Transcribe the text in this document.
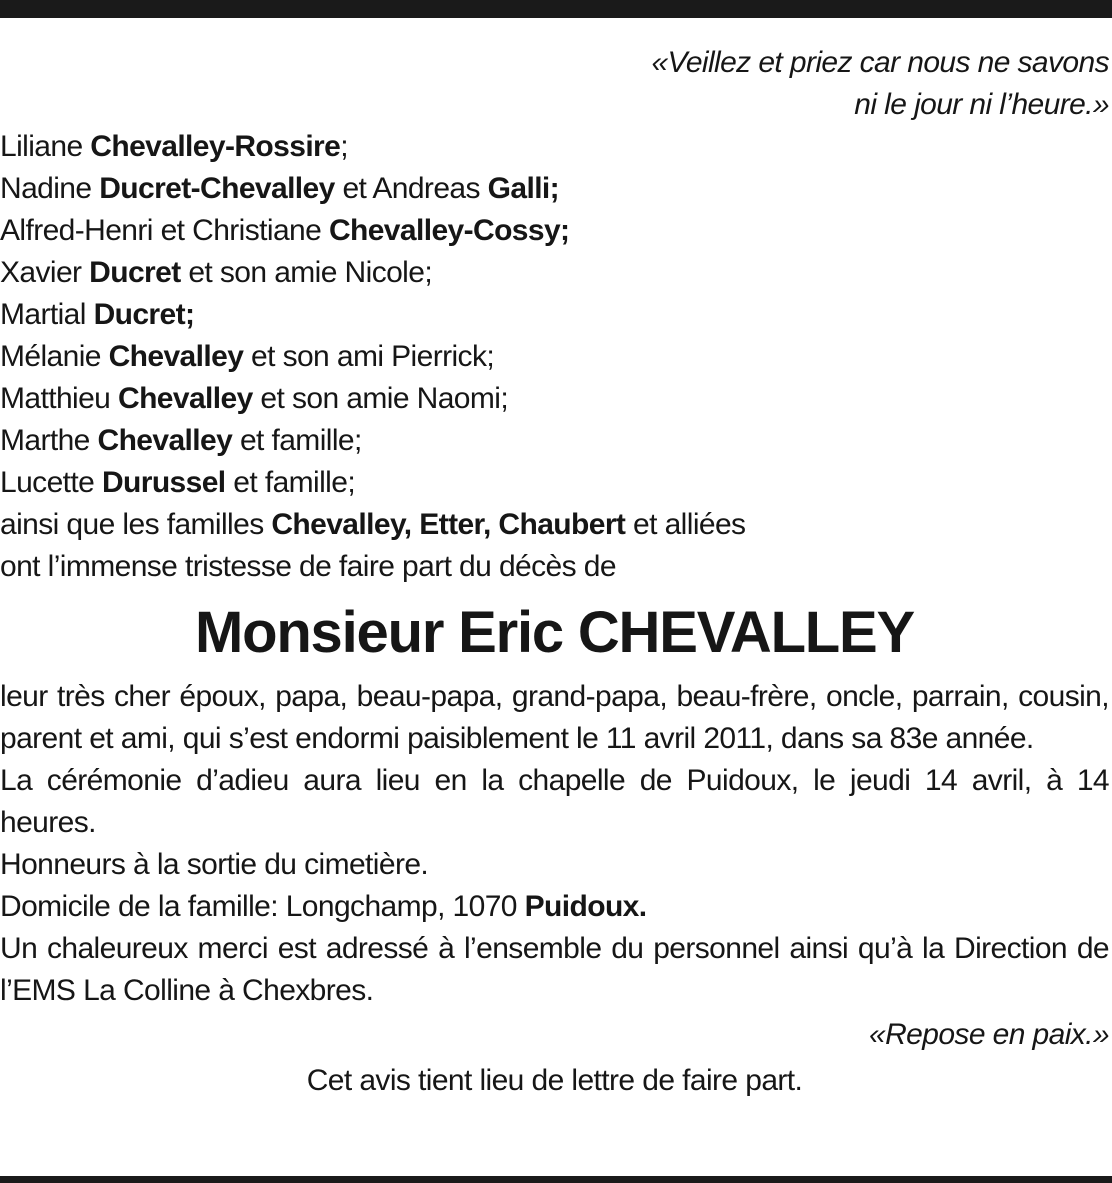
«Veillez et priez car nous ne savons
ni le jour ni l’heure.»
Liliane Chevalley-Rossire;
Nadine Ducret-Chevalley et Andreas Galli;
Alfred-Henri et Christiane Chevalley-Cossy;
Xavier Ducret et son amie Nicole;
Martial Ducret;
Mélanie Chevalley et son ami Pierrick;
Matthieu Chevalley et son amie Naomi;
Marthe Chevalley et famille;
Lucette Durussel et famille;
ainsi que les familles Chevalley, Etter, Chaubert et alliées
ont l’immense tristesse de faire part du décès de
Monsieur Eric CHEVALLEY
leur très cher époux, papa, beau-papa, grand-papa, beau-frère, oncle, parrain, cousin, parent et ami, qui s’est endormi paisiblement le 11 avril 2011, dans sa 83e année.
La cérémonie d’adieu aura lieu en la chapelle de Puidoux, le jeudi 14 avril, à 14 heures.
Honneurs à la sortie du cimetière.
Domicile de la famille: Longchamp, 1070 Puidoux.
Un chaleureux merci est adressé à l’ensemble du personnel ainsi qu’à la Direction de l’EMS La Colline à Chexbres.
«Repose en paix.»
Cet avis tient lieu de lettre de faire part.
